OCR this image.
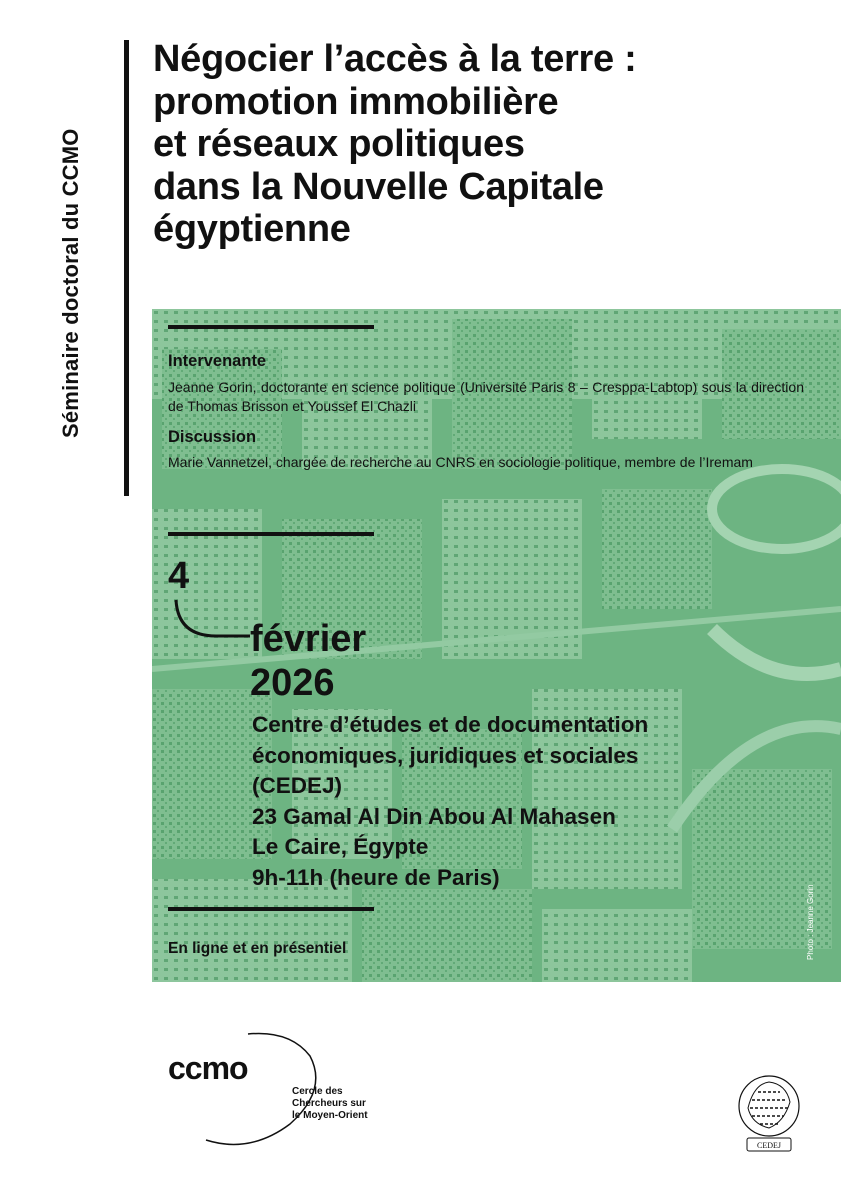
Séminaire doctoral du CCMO
Négocier l’accès à la terre :
promotion immobilière
et réseaux politiques
dans la Nouvelle Capitale
égyptienne
Intervenante
Jeanne Gorin, doctorante en science politique (Université Paris 8 – Cresppa-Labtop) sous la direction de Thomas Brisson et Youssef El Chazli
Discussion
Marie Vannetzel, chargée de recherche au CNRS en sociologie politique, membre de l’Iremam
4
février
2026
Centre d’études et de documentation
économiques, juridiques et sociales
(CEDEJ)
23 Gamal Al Din Abou Al Mahasen
Le Caire, Égypte
9h-11h (heure de Paris)
En ligne et en présentiel	Photo : Jeanne Gorin
ccmo
Cercle des
Chercheurs sur
le Moyen-Orient
CEDEJ
